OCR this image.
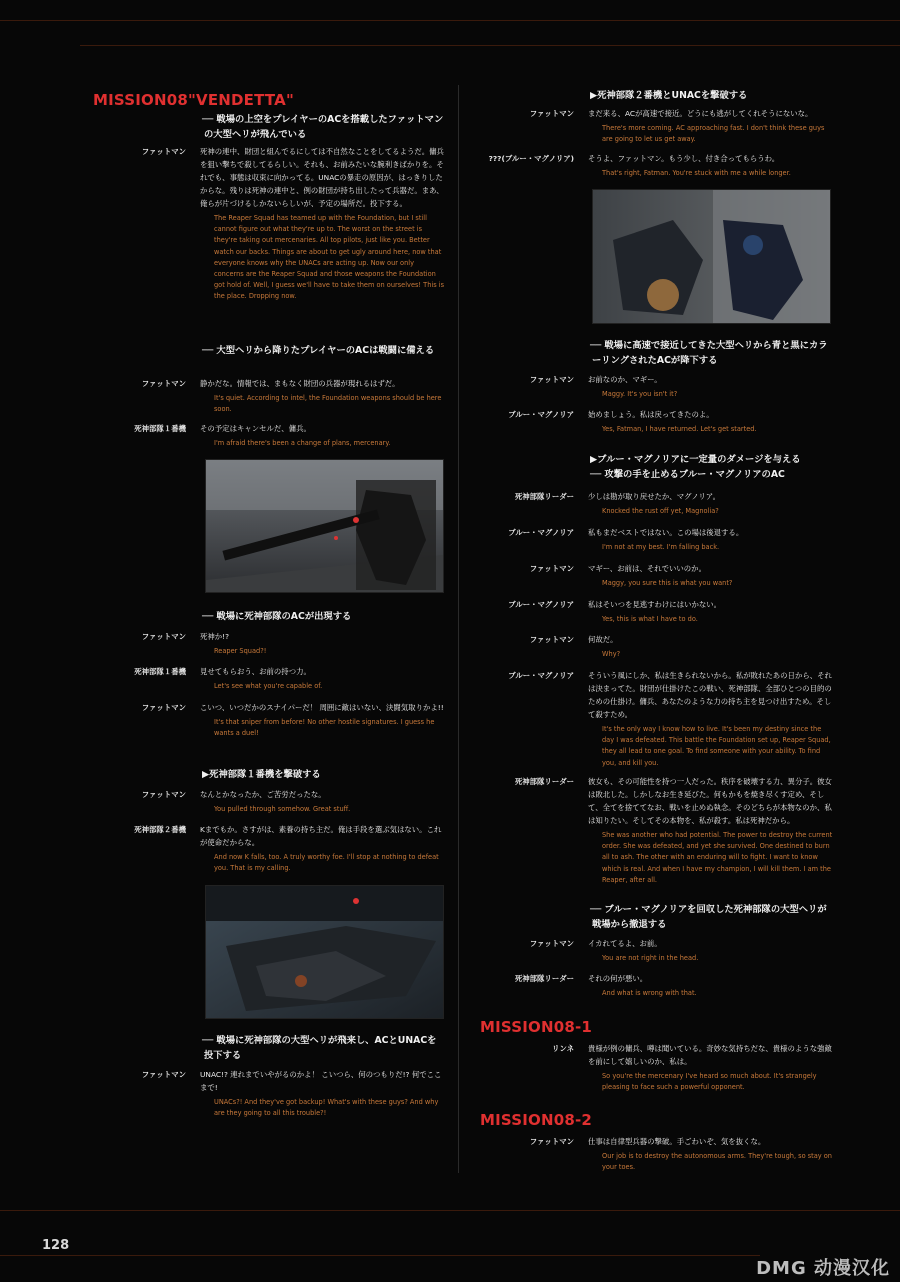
MISSION08"VENDETTA"
── 戦場の上空をプレイヤーのACを搭載したファットマンの大型ヘリが飛んでいる
ファットマン	死神の連中、財団と組んでるにしては不自然なことをしてるようだ。傭兵を狙い撃ちで殺してるらしい。それも、お前みたいな腕利きばかりを。それでも、事態は収束に向かってる。UNACの暴走の原因が、はっきりしたからな。残りは死神の連中と、例の財団が持ち出したって兵器だ。まあ、俺らが片づけるしかないらしいが、予定の場所だ。投下する。
The Reaper Squad has teamed up with the Foundation, but I still cannot figure out what they're up to. The worst on the street is they're taking out mercenaries. All top pilots, just like you. Better watch our backs. Things are about to get ugly around here, now that everyone knows why the UNACs are acting up. Now our only concerns are the Reaper Squad and those weapons the Foundation got hold of. Well, I guess we'll have to take them on ourselves! This is the place. Dropping now.
── 大型ヘリから降りたプレイヤーのACは戦闘に備える
ファットマン	静かだな。情報では、まもなく財団の兵器が現れるはずだ。
It's quiet. According to intel, the Foundation weapons should be here soon.
死神部隊１番機	その予定はキャンセルだ、傭兵。
I'm afraid there's been a change of plans, mercenary.
── 戦場に死神部隊のACが出現する
ファットマン	死神か!?
Reaper Squad?!
死神部隊１番機	見せてもらおう、お前の持つ力。
Let's see what you're capable of.
ファットマン	こいつ、いつだかのスナイパーだ！ 周囲に敵はいない、決闘気取りかよ!!
It's that sniper from before! No other hostile signatures. I guess he wants a duel!
▶死神部隊１番機を撃破する
ファットマン	なんとかなったか、ご苦労だったな。
You pulled through somehow. Great stuff.
死神部隊２番機	Kまでもか。さすがは、素養の持ち主だ。俺は手段を選ぶ気はない。これが使命だからな。
And now K falls, too. A truly worthy foe. I'll stop at nothing to defeat you. That is my calling.
── 戦場に死神部隊の大型ヘリが飛来し、ACとUNACを投下する
ファットマン	UNAC!? 連れまでいやがるのかよ！ こいつら、何のつもりだ!? 何でここまで!
UNACs?! And they've got backup! What's with these guys? And why are they going to all this trouble?!
▶死神部隊２番機とUNACを撃破する
ファットマン	まだ来る、ACが高速で接近。どうにも逃がしてくれそうにないな。
There's more coming. AC approaching fast. I don't think these guys are going to let us get away.
???(ブルー・マグノリア)	そうよ、ファットマン。もう少し、付き合ってもらうわ。
That's right, Fatman. You're stuck with me a while longer.
── 戦場に高速で接近してきた大型ヘリから青と黒にカラーリングされたACが降下する
ファットマン	お前なのか、マギー。
Maggy. It's you isn't it?
ブルー・マグノリア	始めましょう。私は戻ってきたのよ。
Yes, Fatman, I have returned. Let's get started.
▶ブルー・マグノリアに一定量のダメージを与える
── 攻撃の手を止めるブルー・マグノリアのAC
死神部隊リーダー	少しは勘が取り戻せたか、マグノリア。
Knocked the rust off yet, Magnolia?
ブルー・マグノリア	私もまだベストではない。この場は後退する。
I'm not at my best. I'm falling back.
ファットマン	マギー、お前は、それでいいのか。
Maggy, you sure this is what you want?
ブルー・マグノリア	私はそいつを見逃すわけにはいかない。
Yes, this is what I have to do.
ファットマン	何故だ。
Why?
ブルー・マグノリア	そういう風にしか、私は生きられないから。私が敗れたあの日から、それは決まってた。財団が仕掛けたこの戦い、死神部隊、全部ひとつの目的のための仕掛け。傭兵、あなたのような力の持ち主を見つけ出すため。そして殺すため。
It's the only way I know how to live. It's been my destiny since the day I was defeated. This battle the Foundation set up, Reaper Squad, they all lead to one goal. To find someone with your ability. To find you, and kill you.
死神部隊リーダー	彼女も、その可能性を持つ一人だった。秩序を破壊する力、異分子。彼女は敗北した。しかしなお生き延びた。何もかもを焼き尽くす定め、そして、全てを捨ててなお、戦いを止めぬ執念。そのどちらが本物なのか、私は知りたい。そしてその本物を、私が殺す。私は死神だから。
She was another who had potential. The power to destroy the current order. She was defeated, and yet she survived. One destined to burn all to ash. The other with an enduring will to fight. I want to know which is real. And when I have my champion, I will kill them. I am the Reaper, after all.
── ブルー・マグノリアを回収した死神部隊の大型ヘリが戦場から撤退する
ファットマン	イカれてるよ、お前。
You are not right in the head.
死神部隊リーダー	それの何が悪い。
And what is wrong with that.
MISSION08-1
リンネ	貴様が例の傭兵、噂は聞いている。奇妙な気持ちだな、貴様のような強敵を前にして嬉しいのか、私は。
So you're the mercenary I've heard so much about. It's strangely pleasing to face such a powerful opponent.
MISSION08-2
ファットマン	仕事は自律型兵器の撃破。手ごわいぞ、気を抜くな。
Our job is to destroy the autonomous arms. They're tough, so stay on your toes.
128
DMG 动漫汉化
